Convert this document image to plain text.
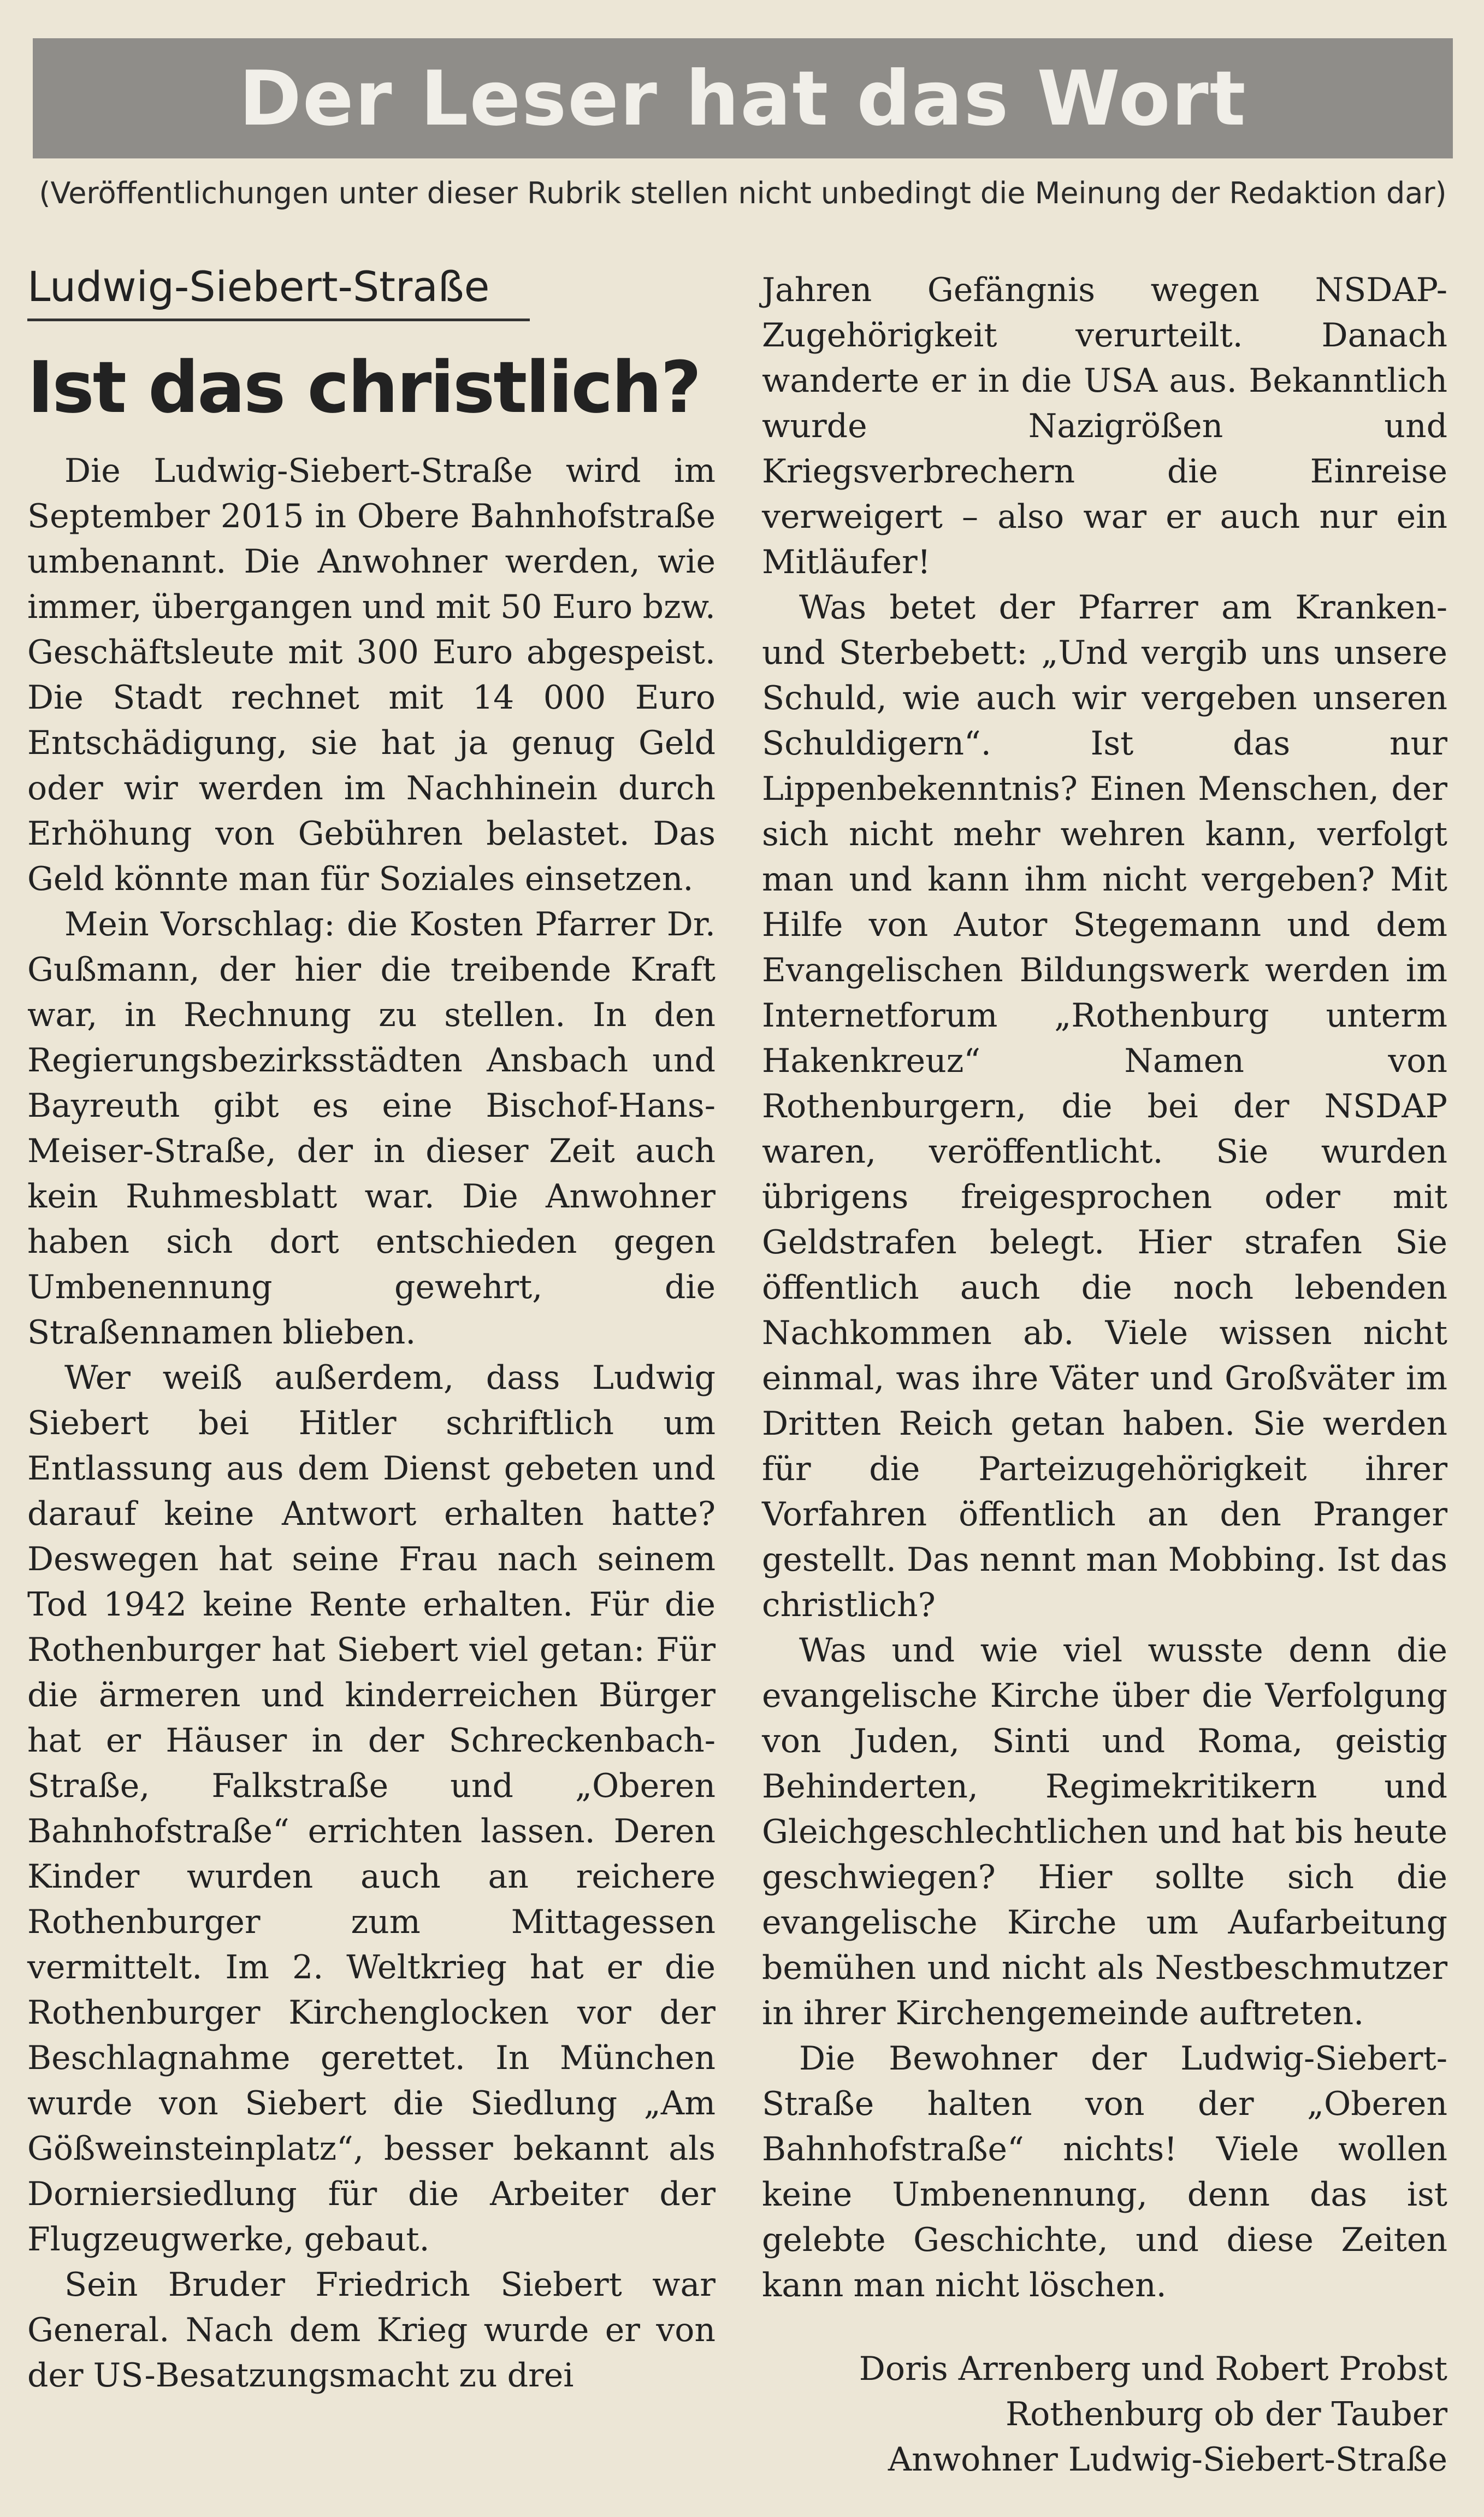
Der Leser hat das Wort
(Veröffentlichungen unter dieser Rubrik stellen nicht unbedingt die Meinung der Redaktion dar)
Ludwig-Siebert-Straße
Ist das christlich?

Die Ludwig-Siebert-Straße wird im September 2015 in Obere Bahnhofstraße umbenannt. Die Anwohner werden, wie immer, übergangen und mit 50 Euro bzw. Geschäftsleute mit 300 Euro abgespeist. Die Stadt rechnet mit 14 000 Euro Entschädigung, sie hat ja genug Geld oder wir werden im Nachhinein durch Erhöhung von Gebühren belastet. Das Geld könnte man für Soziales einsetzen.

Mein Vorschlag: die Kosten Pfarrer Dr. Gußmann, der hier die treibende Kraft war, in Rechnung zu stellen. In den Regierungsbezirksstädten Ansbach und Bayreuth gibt es eine Bischof-Hans-Meiser-Straße, der in dieser Zeit auch kein Ruhmesblatt war. Die Anwohner haben sich dort entschieden gegen Umbenennung gewehrt, die Straßennamen blieben.

Wer weiß außerdem, dass Ludwig Siebert bei Hitler schriftlich um Entlassung aus dem Dienst gebeten und darauf keine Antwort erhalten hatte? Deswegen hat seine Frau nach seinem Tod 1942 keine Rente erhalten. Für die Rothenburger hat Siebert viel getan: Für die ärmeren und kinderreichen Bürger hat er Häuser in der Schreckenbach-Straße, Falkstraße und „Oberen Bahnhofstraße“ errichten lassen. Deren Kinder wurden auch an reichere Rothenburger zum Mittagessen vermittelt. Im 2. Weltkrieg hat er die Rothenburger Kirchenglocken vor der Beschlagnahme gerettet. In München wurde von Siebert die Siedlung „Am Gößweinsteinplatz“, besser bekannt als Dorniersiedlung für die Arbeiter der Flugzeugwerke, gebaut.

Sein Bruder Friedrich Siebert war General. Nach dem Krieg wurde er von der US-Besatzungsmacht zu drei

Jahren Gefängnis wegen NSDAP-Zugehörigkeit verurteilt. Danach wanderte er in die USA aus. Bekanntlich wurde Nazigrößen und Kriegsverbrechern die Einreise verweigert – also war er auch nur ein Mitläufer!

Was betet der Pfarrer am Kranken- und Sterbebett: „Und vergib uns unsere Schuld, wie auch wir vergeben unseren Schuldigern“. Ist das nur Lippenbekenntnis? Einen Menschen, der sich nicht mehr wehren kann, verfolgt man und kann ihm nicht vergeben? Mit Hilfe von Autor Stegemann und dem Evangelischen Bildungswerk werden im Internetforum „Rothenburg unterm Hakenkreuz“ Namen von Rothenburgern, die bei der NSDAP waren, veröffentlicht. Sie wurden übrigens freigesprochen oder mit Geldstrafen belegt. Hier strafen Sie öffentlich auch die noch lebenden Nachkommen ab. Viele wissen nicht einmal, was ihre Väter und Großväter im Dritten Reich getan haben. Sie werden für die Parteizugehörigkeit ihrer Vorfahren öffentlich an den Pranger gestellt. Das nennt man Mobbing. Ist das christlich?

Was und wie viel wusste denn die evangelische Kirche über die Verfolgung von Juden, Sinti und Roma, geistig Behinderten, Regimekritikern und Gleichgeschlechtlichen und hat bis heute geschwiegen? Hier sollte sich die evangelische Kirche um Aufarbeitung bemühen und nicht als Nestbeschmutzer in ihrer Kirchengemeinde auftreten.

Die Bewohner der Ludwig-Siebert-Straße halten von der „Oberen Bahnhofstraße“ nichts! Viele wollen keine Umbenennung, denn das ist gelebte Geschichte, und diese Zeiten kann man nicht löschen.

Doris Arrenberg und Robert Probst
Rothenburg ob der Tauber
Anwohner Ludwig-Siebert-Straße
